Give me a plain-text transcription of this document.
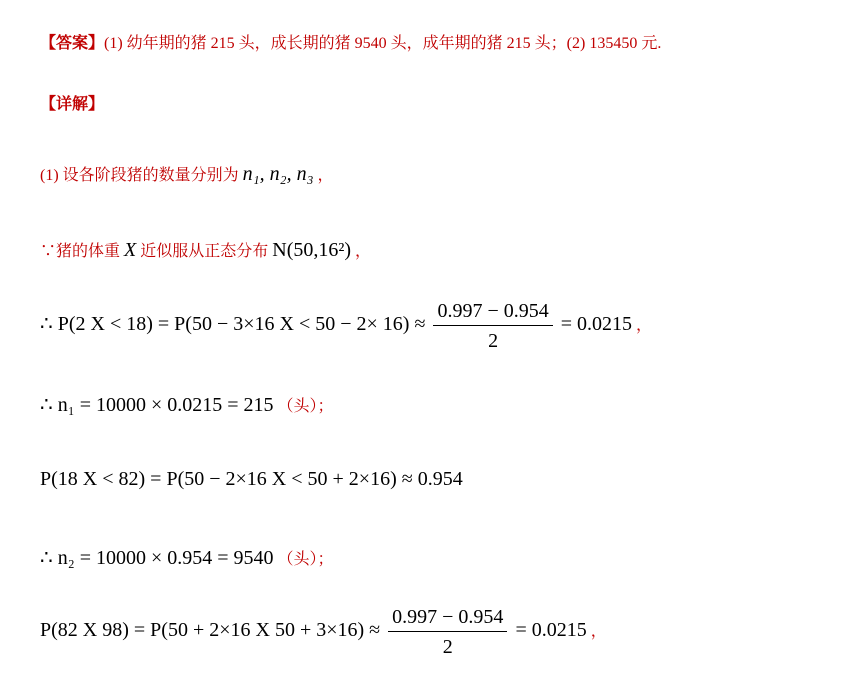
【答案】(1) 幼年期的猪 215 头，成长期的猪 9540 头，成年期的猪 215 头；(2) 135450 元.
【详解】
(1) 设各阶段猪的数量分别为 n₁, n₂, n₃ ，
∵猪的体重 X 近似服从正态分布 N(50,16²) ，
∴ P(2 X < 18) = P(50 − 3×16 $X < 50 - 2\times 16) \approx \frac{0.997 - 0.954}{2} = 0.0215$ ，
∴ n₁ = 10000 × 0.0215 = 215 （头）；
P(18 X < 82) = P(50 − 2×16 X < 50 + 2×16) ≈ 0.954
∴ n₂ = 10000 × 0.954 = 9540 （头）；
P(82 X 98) = P(50 + 2×16 X $50 + 3\times 16) \approx \frac{0.997 - 0.954}{2} = 0.0215$ ，
